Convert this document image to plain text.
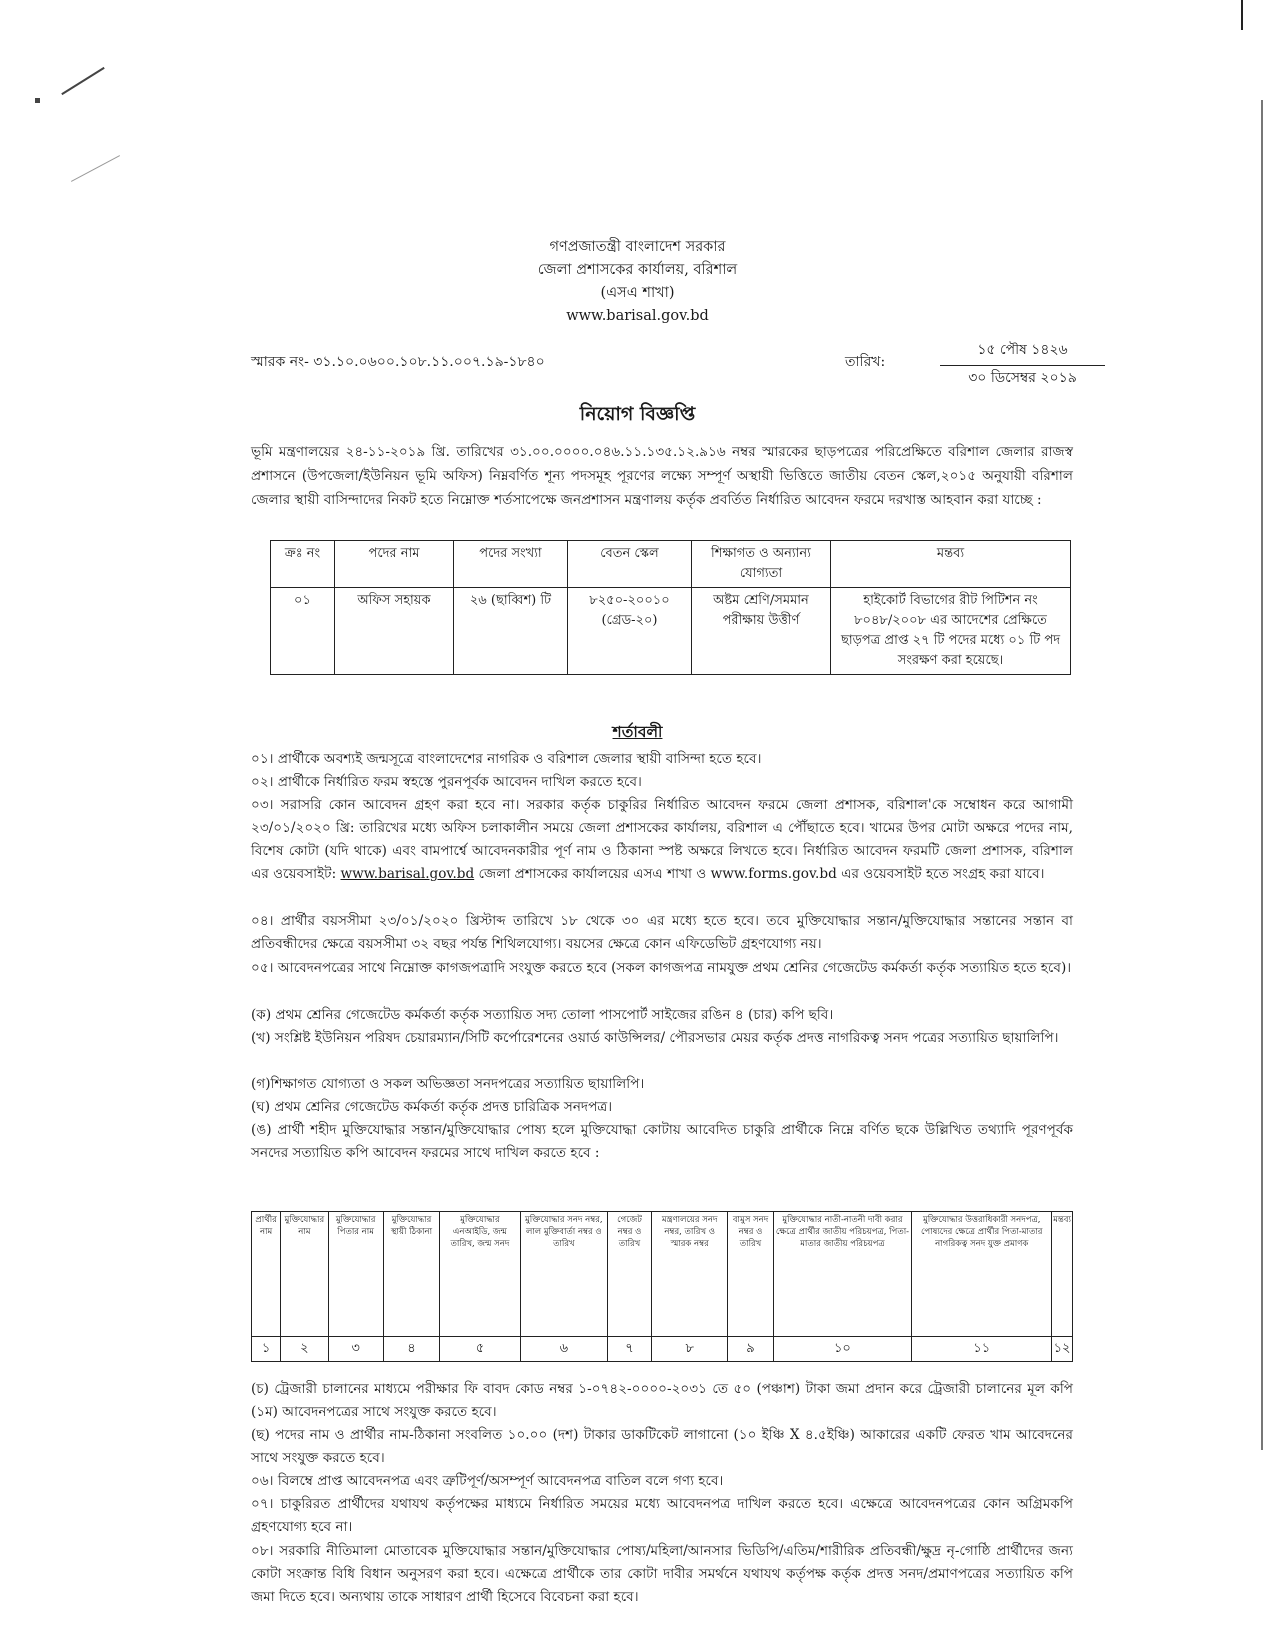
গণপ্রজাতন্ত্রী বাংলাদেশ সরকার
জেলা প্রশাসকের কার্যালয়, বরিশাল
(এসএ শাখা)
www.barisal.gov.bd
স্মারক নং- ৩১.১০.০৬০০.১০৮.১১.০০৭.১৯-১৮৪০	তারিখ:
১৫ পৌষ ১৪২৬
৩০ ডিসেম্বর ২০১৯
নিয়োগ বিজ্ঞপ্তি

ভূমি মন্ত্রণালয়ের ২৪-১১-২০১৯ খ্রি. তারিখের ৩১.০০.০০০০.০৪৬.১১.১৩৫.১২.৯১৬ নম্বর স্মারকের ছাড়পত্রের পরিপ্রেক্ষিতে বরিশাল জেলার রাজস্ব প্রশাসনে (উপজেলা/ইউনিয়ন ভূমি অফিস) নিম্নবর্ণিত শূন্য পদসমূহ পূরণের লক্ষ্যে সম্পূর্ণ অস্থায়ী ভিত্তিতে জাতীয় বেতন স্কেল,২০১৫ অনুযায়ী বরিশাল জেলার স্থায়ী বাসিন্দাদের নিকট হতে নিম্নোক্ত শর্তসাপেক্ষে জনপ্রশাসন মন্ত্রণালয় কর্তৃক প্রবর্তিত নির্ধারিত আবেদন ফরমে দরখাস্ত আহবান করা যাচ্ছে :

ক্রঃ নং	পদের নাম	পদের সংখ্যা	বেতন স্কেল	শিক্ষাগত ও অন্যান্য যোগ্যতা	মন্তব্য
০১	অফিস সহায়ক	২৬ (ছাব্বিশ) টি	৮২৫০-২০০১০
(গ্রেড-২০)	অষ্টম শ্রেণি/সমমান পরীক্ষায় উত্তীর্ণ	হাইকোর্ট বিভাগের রীট পিটিশন নং ৮০৪৮/২০০৮ এর আদেশের প্রেক্ষিতে ছাড়পত্র প্রাপ্ত ২৭ টি পদের মধ্যে ০১ টি পদ সংরক্ষণ করা হয়েছে।
শর্তাবলী

০১। প্রার্থীকে অবশ্যই জন্মসূত্রে বাংলাদেশের নাগরিক ও বরিশাল জেলার স্থায়ী বাসিন্দা হতে হবে।

০২। প্রার্থীকে নির্ধারিত ফরম স্বহস্তে পুরনপূর্বক আবেদন দাখিল করতে হবে।

০৩। সরাসরি কোন আবেদন গ্রহণ করা হবে না। সরকার কর্তৃক চাকুরির নির্ধারিত আবেদন ফরমে জেলা প্রশাসক, বরিশাল'কে সম্বোধন করে আগামী ২৩/০১/২০২০ খ্রি: তারিখের মধ্যে অফিস চলাকালীন সময়ে জেলা প্রশাসকের কার্যালয়, বরিশাল এ পৌঁছাতে হবে। খামের উপর মোটা অক্ষরে পদের নাম, বিশেষ কোটা (যদি থাকে) এবং বামপার্শ্বে আবেদনকারীর পূর্ণ নাম ও ঠিকানা স্পষ্ট অক্ষরে লিখতে হবে। নির্ধারিত আবেদন ফরমটি জেলা প্রশাসক, বরিশাল এর ওয়েবসাইট: www.barisal.gov.bd জেলা প্রশাসকের কার্যালয়ের এসএ শাখা ও www.forms.gov.bd এর ওয়েবসাইট হতে সংগ্রহ করা যাবে।

০৪। প্রার্থীর বয়সসীমা ২৩/০১/২০২০ খ্রিস্টাব্দ তারিখে ১৮ থেকে ৩০ এর মধ্যে হতে হবে। তবে মুক্তিযোদ্ধার সন্তান/মুক্তিযোদ্ধার সন্তানের সন্তান বা প্রতিবন্ধীদের ক্ষেত্রে বয়সসীমা ৩২ বছর পর্যন্ত শিথিলযোগ্য। বয়সের ক্ষেত্রে কোন এফিডেভিট গ্রহণযোগ্য নয়।

০৫। আবেদনপত্রের সাথে নিম্নোক্ত কাগজপত্রাদি সংযুক্ত করতে হবে (সকল কাগজপত্র নামযুক্ত প্রথম শ্রেনির গেজেটেড কর্মকর্তা কর্তৃক সত্যায়িত হতে হবে)।

(ক) প্রথম শ্রেনির গেজেটেড কর্মকর্তা কর্তৃক সত্যায়িত সদ্য তোলা পাসপোর্ট সাইজের রঙিন ৪ (চার) কপি ছবি।

(খ) সংশ্লিষ্ট ইউনিয়ন পরিষদ চেয়ারম্যান/সিটি কর্পোরেশনের ওয়ার্ড কাউন্সিলর/ পৌরসভার মেয়র কর্তৃক প্রদত্ত নাগরিকত্ব সনদ পত্রের সত্যায়িত ছায়ালিপি।

(গ)শিক্ষাগত যোগ্যতা ও সকল অভিজ্ঞতা সনদপত্রের সত্যায়িত ছায়ালিপি।

(ঘ) প্রথম শ্রেনির গেজেটেড কর্মকর্তা কর্তৃক প্রদত্ত চারিত্রিক সনদপত্র।

(ঙ) প্রার্থী শহীদ মুক্তিযোদ্ধার সন্তান/মুক্তিযোদ্ধার পোষ্য হলে মুক্তিযোদ্ধা কোটায় আবেদিত চাকুরি প্রার্থীকে নিম্নে বর্ণিত ছকে উল্লিখিত তথ্যাদি পূরণপূর্বক সনদের সত্যায়িত কপি আবেদন ফরমের সাথে দাখিল করতে হবে :

প্রার্থীর নাম	মুক্তিযোদ্ধার নাম	মুক্তিযোদ্ধার পিতার নাম	মুক্তিযোদ্ধার স্থায়ী ঠিকানা	মুক্তিযোদ্ধার এনআইডি, জন্ম তারিখ, জন্ম সনদ	মুক্তিযোদ্ধার সনদ নম্বর, লাল মুক্তিবার্তা নম্বর ও তারিখ	গেজেট নম্বর ও তারিখ	মন্ত্রণালয়ের সনদ নম্বর, তারিখ ও স্মারক নম্বর	বামুস সনদ নম্বর ও তারিখ	মুক্তিযোদ্ধার নাতী-নাতনী দাবী করার ক্ষেত্রে প্রার্থীর জাতীয় পরিচয়পত্র, পিতা-মাতার জাতীয় পরিচয়পত্র	মুক্তিযোদ্ধার উত্তরাধিকারী সনদপত্র, পোষ্যদের ক্ষেত্রে প্রার্থীর পিতা-মাতার নাগরিকত্ব সনদ যুক্ত প্রমাণক	মন্তব্য
১	২	৩	৪	৫	৬	৭	৮	৯	১০	১১	১২

(চ) ট্রেজারী চালানের মাধ্যমে পরীক্ষার ফি বাবদ কোড নম্বর ১-০৭৪২-০০০০-২০৩১ তে ৫০ (পঞ্চাশ) টাকা জমা প্রদান করে ট্রেজারী চালানের মূল কপি (১ম) আবেদনপত্রের সাথে সংযুক্ত করতে হবে।

(ছ) পদের নাম ও প্রার্থীর নাম-ঠিকানা সংবলিত ১০.০০ (দশ) টাকার ডাকটিকেট লাগানো (১০ ইঞ্চি X ৪.৫ইঞ্চি) আকারের একটি ফেরত খাম আবেদনের সাথে সংযুক্ত করতে হবে।

০৬। বিলম্বে প্রাপ্ত আবেদনপত্র এবং ত্রুটিপূর্ণ/অসম্পূর্ণ আবেদনপত্র বাতিল বলে গণ্য হবে।

০৭। চাকুরিরত প্রার্থীদের যথাযথ কর্তৃপক্ষের মাধ্যমে নির্ধারিত সময়ের মধ্যে আবেদনপত্র দাখিল করতে হবে। এক্ষেত্রে আবেদনপত্রের কোন অগ্রিমকপি গ্রহণযোগ্য হবে না।

০৮। সরকারি নীতিমালা মোতাবেক মুক্তিযোদ্ধার সন্তান/মুক্তিযোদ্ধার পোষ্য/মহিলা/আনসার ভিডিপি/এতিম/শারীরিক প্রতিবন্ধী/ক্ষুদ্র নৃ-গোষ্ঠি প্রার্থীদের জন্য কোটা সংক্রান্ত বিধি বিধান অনুসরণ করা হবে। এক্ষেত্রে প্রার্থীকে তার কোটা দাবীর সমর্থনে যথাযথ কর্তৃপক্ষ কর্তৃক প্রদত্ত সনদ/প্রমাণপত্রের সত্যায়িত কপি জমা দিতে হবে। অন্যথায় তাকে সাধারণ প্রার্থী হিসেবে বিবেচনা করা হবে।
